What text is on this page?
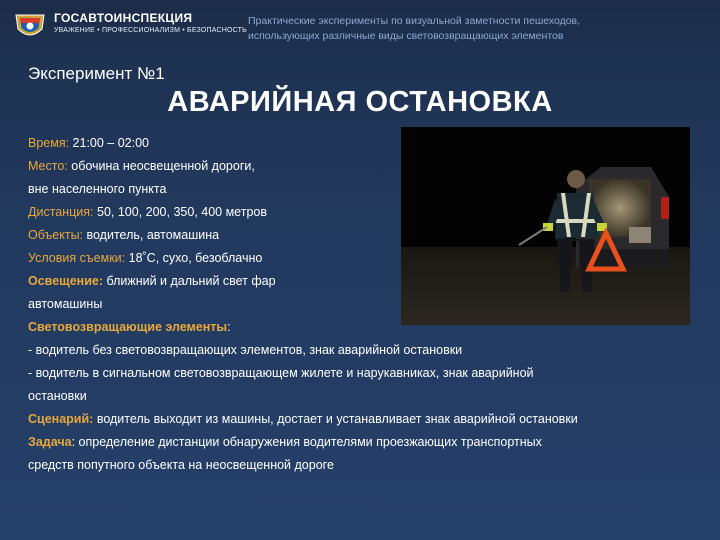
ГОСАВТОИНСПЕКЦИЯ
УВАЖЕНИЕ • ПРОФЕССИОНАЛИЗМ • БЕЗОПАСНОСТЬ
Практические эксперименты по визуальной заметности пешеходов,
использующих различные виды световозвращающих элементов
Эксперимент №1
АВАРИЙНАЯ ОСТАНОВКА
Время: 21:00 – 02:00
Место: обочина неосвещенной дороги,
вне населенного пункта
Дистанция: 50, 100, 200, 350, 400 метров
Объекты: водитель, автомашина
Условия съемки: 18˚С, сухо, безоблачно
Освещение: ближний и дальний свет фар
автомашины
Световозвращающие элементы:
- водитель без световозвращающих элементов, знак аварийной остановки
- водитель в сигнальном световозвращающем жилете и нарукавниках, знак аварийной
остановки
Сценарий: водитель выходит из машины, достает и устанавливает знак аварийной остановки
Задача: определение дистанции обнаружения водителями проезжающих транспортных
средств попутного объекта на неосвещенной дороге
